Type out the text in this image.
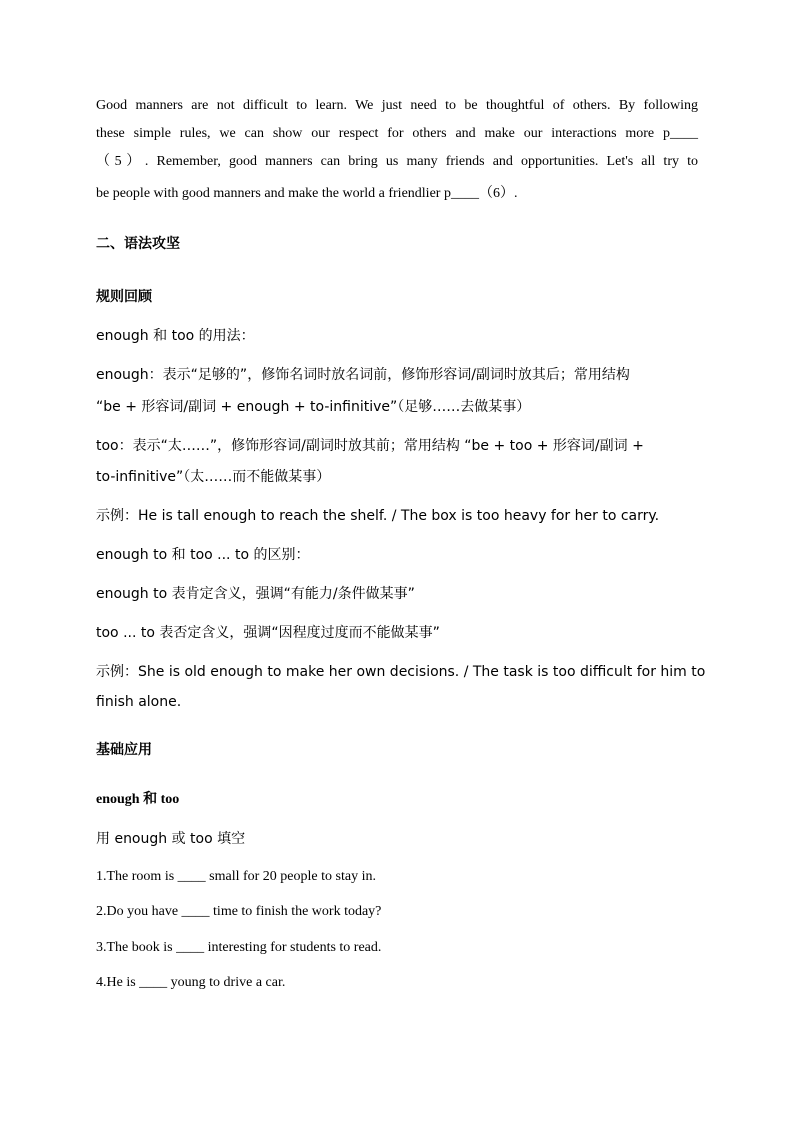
Good manners are not difficult to learn. We just need to be thoughtful of others. By following
these simple rules, we can show our respect for others and make our interactions more p____
（5）. Remember, good manners can bring us many friends and opportunities. Let's all try to
be people with good manners and make the world a friendlier p____（6）.
二、语法攻坚
规则回顾
enough 和 too 的用法：
enough：表示“足够的”，修饰名词时放名词前，修饰形容词/副词时放其后；常用结构
“be + 形容词/副词 + enough + to-infinitive”（足够……去做某事）
too：表示“太……”，修饰形容词/副词时放其前；常用结构 “be + too + 形容词/副词 +
to-infinitive”（太……而不能做某事）
示例：He is tall enough to reach the shelf. / The box is too heavy for her to carry.
enough to 和 too ... to 的区别：
enough to 表肯定含义，强调“有能力/条件做某事”
too ... to 表否定含义，强调“因程度过度而不能做某事”
示例：She is old enough to make her own decisions. / The task is too difficult for him to
finish alone.
基础应用
enough 和 too
用 enough 或 too 填空
1.The room is ____ small for 20 people to stay in.
2.Do you have ____ time to finish the work today?
3.The book is ____ interesting for students to read.
4.He is ____ young to drive a car.
